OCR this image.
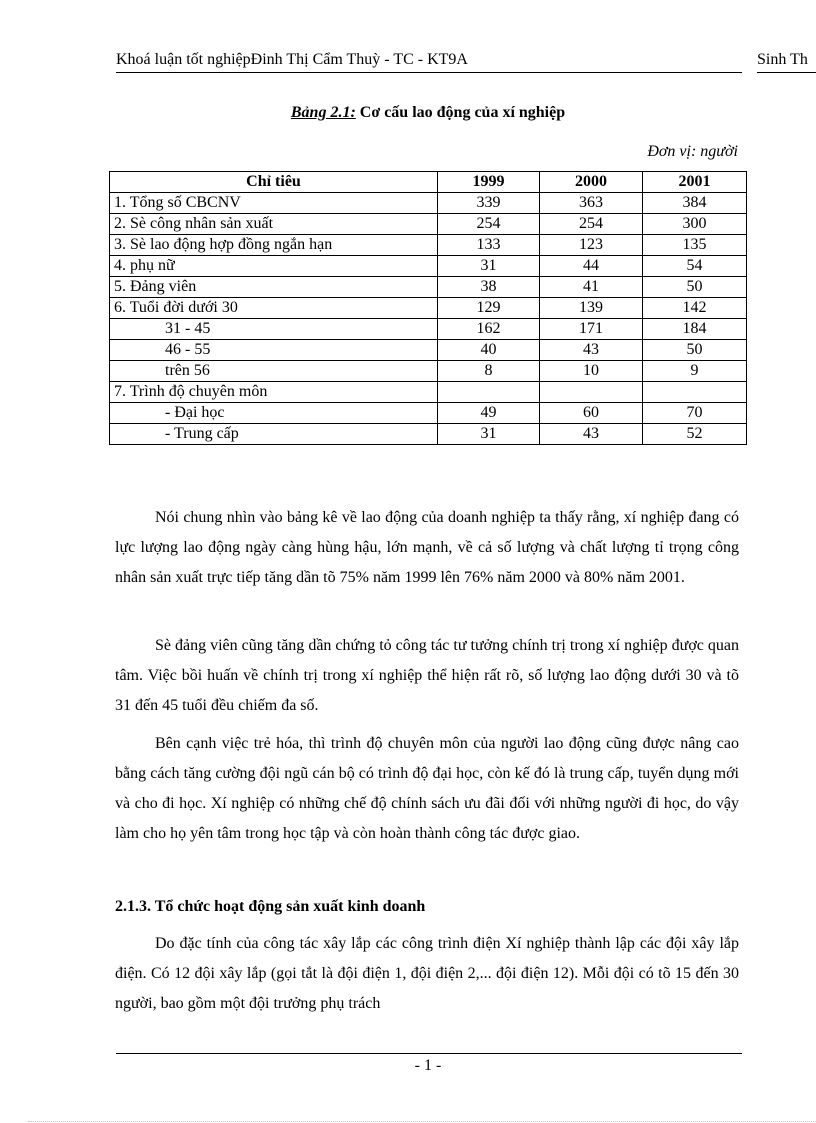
Khoá luận tốt nghiệpĐinh Thị Cẩm Thuỳ - TC - KT9A	Sinh Th
Bảng 2.1: Cơ cấu lao động của xí nghiệp
Đơn vị: người
Chỉ tiêu	1999	2000	2001
1. Tổng số CBCNV	339	363	384
2. Sè công nhân sản xuất	254	254	300
3. Sè lao động hợp đồng ngắn hạn	133	123	135
4. phụ nữ	31	44	54
5. Đảng viên	38	41	50
6. Tuổi đời dưới 30	129	139	142
31 - 45	162	171	184
46 - 55	40	43	50
trên 56	8	10	9
7. Trình độ chuyên môn			
- Đại học	49	60	70
- Trung cấp	31	43	52

Nói chung nhìn vào bảng kê về lao động của doanh nghiệp ta thấy rằng, xí nghiệp đang có lực lượng lao động ngày càng hùng hậu, lớn mạnh, về cả số lượng và chất lượng tỉ trọng công nhân sản xuất trực tiếp tăng dần tõ 75% năm 1999 lên 76% năm 2000 và 80% năm 2001.

Sè đảng viên cũng tăng dần chứng tỏ công tác tư tưởng chính trị trong xí nghiệp được quan tâm. Việc bồi huấn về chính trị trong xí nghiệp thể hiện rất rõ, số lượng lao động dưới 30 và tõ 31 đến 45 tuổi đều chiếm đa số.

Bên cạnh việc trẻ hóa, thì trình độ chuyên môn của người lao động cũng được nâng cao bằng cách tăng cường đội ngũ cán bộ có trình độ đại học, còn kế đó là trung cấp, tuyển dụng mới và cho đi học. Xí nghiệp có những chế độ chính sách ưu đãi đối với những người đi học, do vậy làm cho họ yên tâm trong học tập và còn hoàn thành công tác được giao.

2.1.3. Tổ chức hoạt động sản xuất kinh doanh

Do đặc tính của công tác xây lắp các công trình điện Xí nghiệp thành lập các đội xây lắp điện. Có 12 đội xây lắp (gọi tắt là đội điện 1, đội điện 2,... đội điện 12). Mỗi đội có tõ 15 đến 30 người, bao gồm một đội trưởng phụ trách

- 1 -
